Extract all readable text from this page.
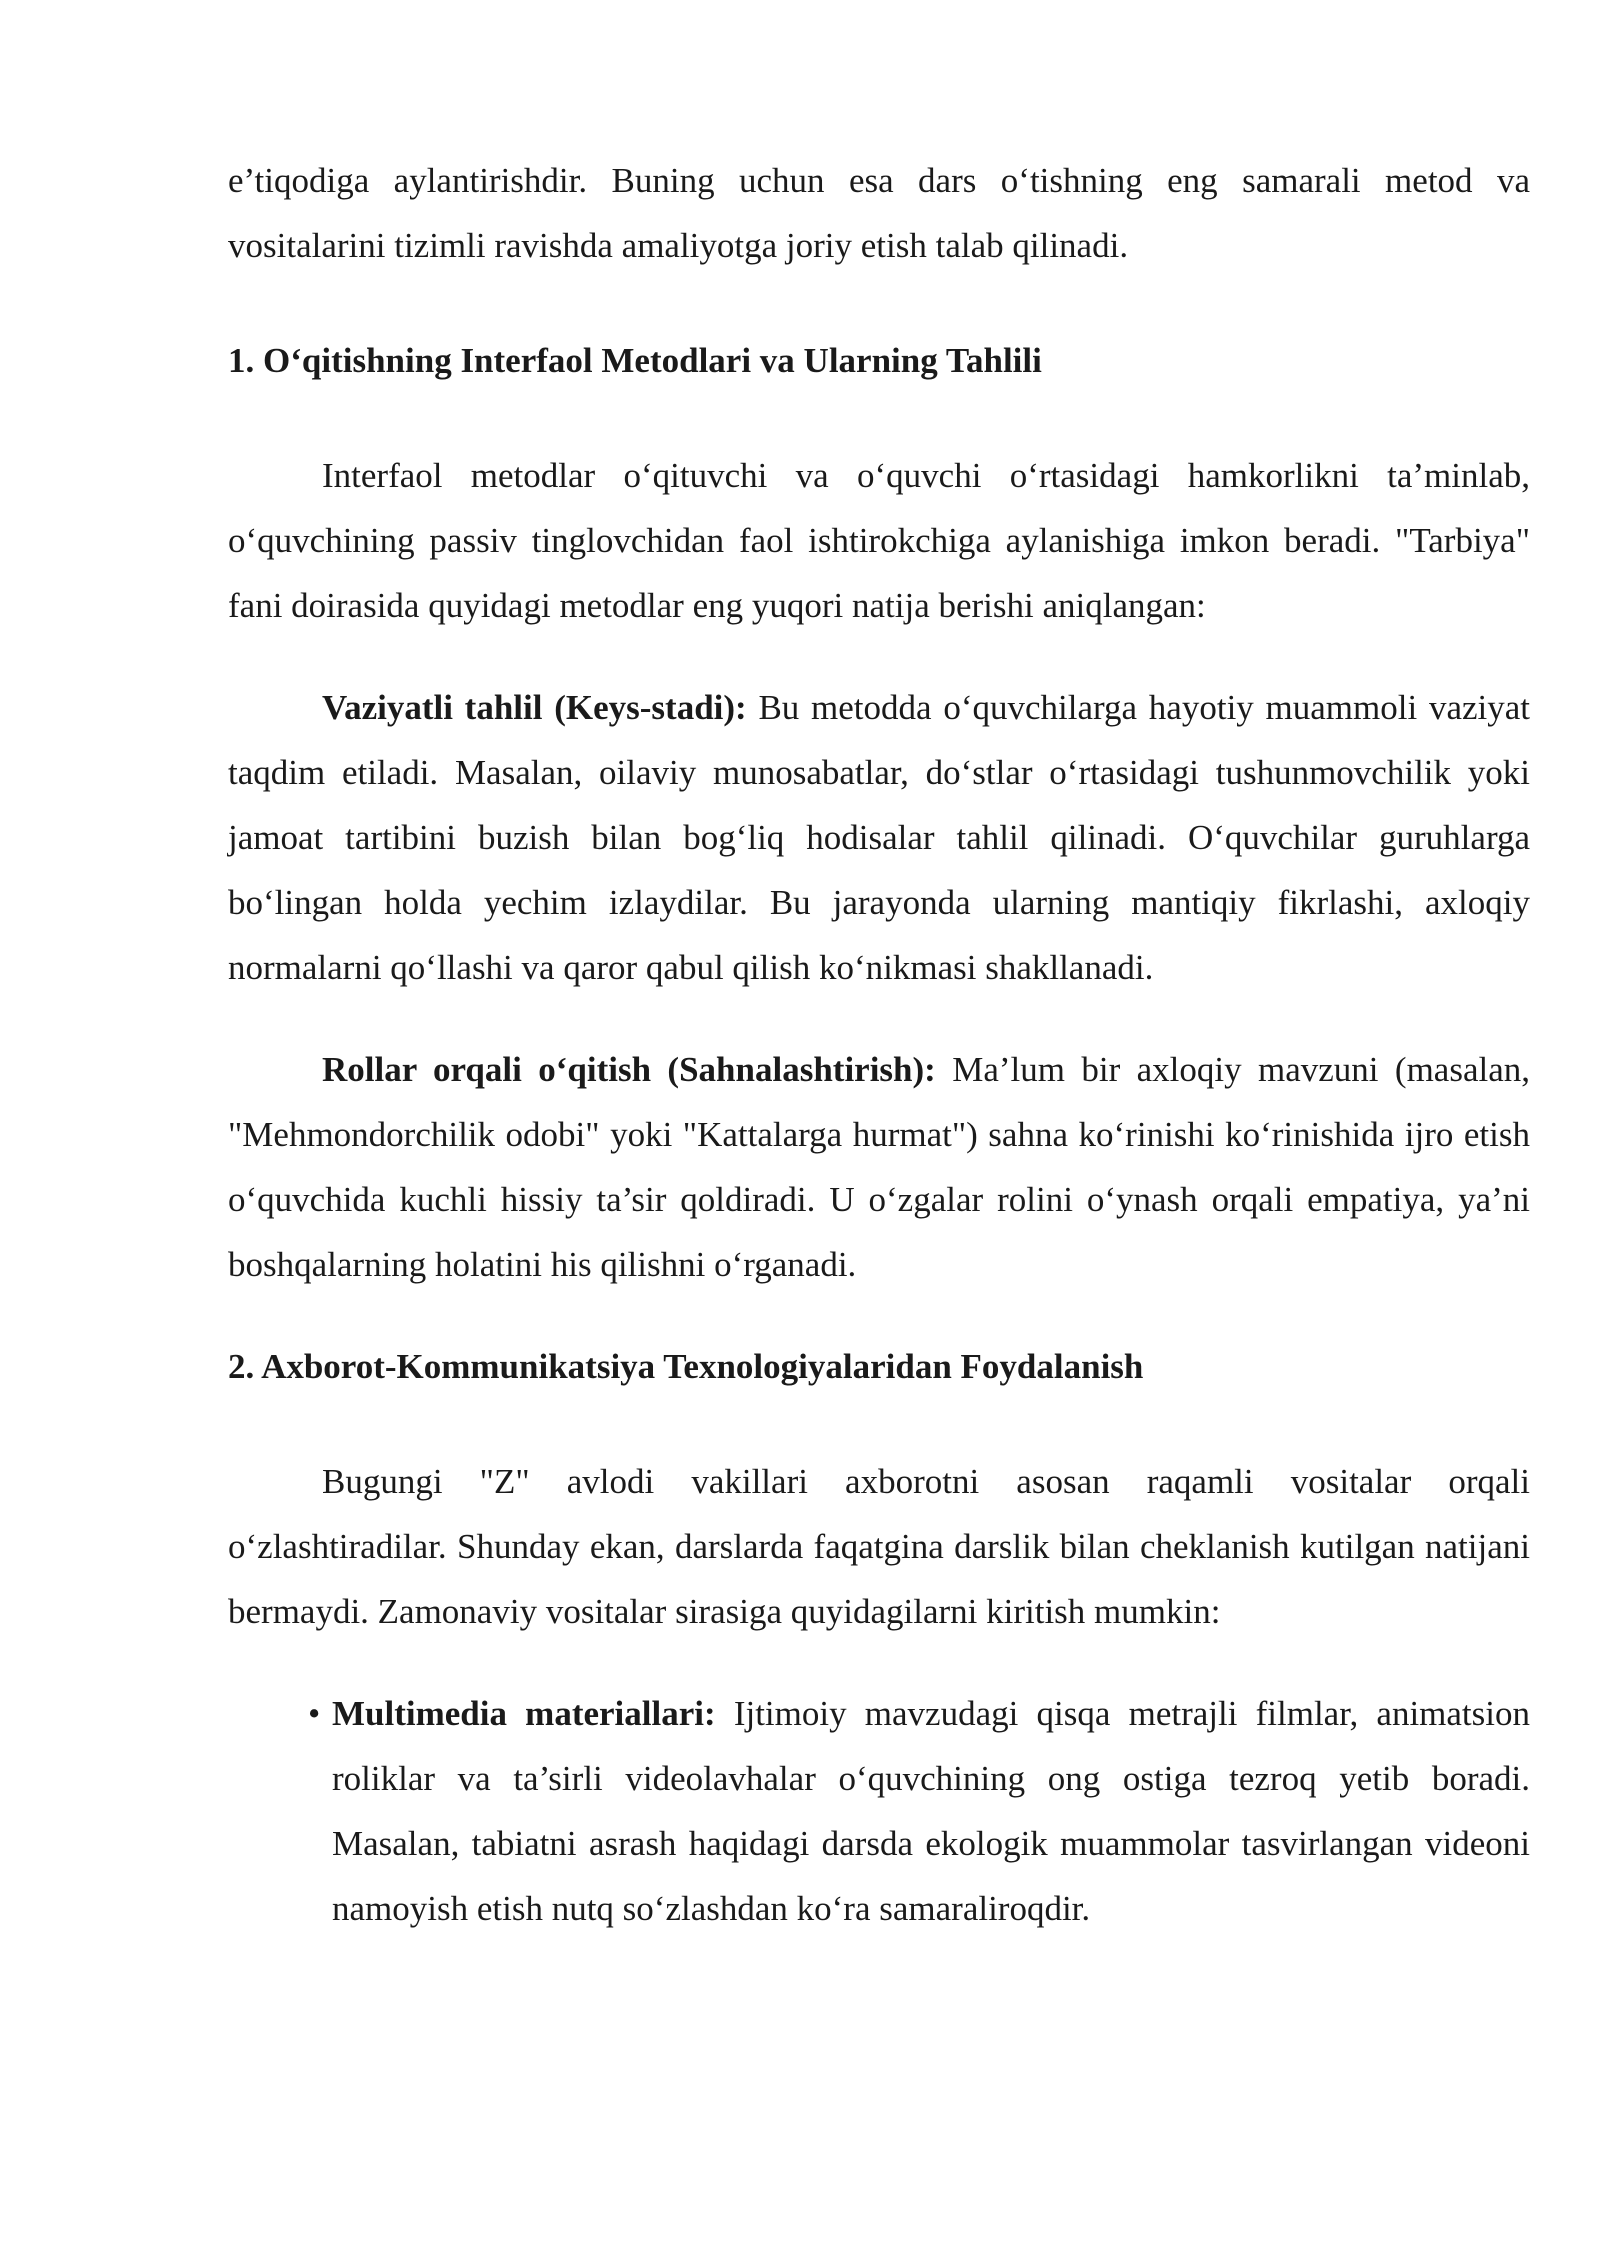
e’tiqodiga aylantirishdir. Buning uchun esa dars o‘tishning eng samarali metod va vositalarini tizimli ravishda amaliyotga joriy etish talab qilinadi.

1. O‘qitishning Interfaol Metodlari va Ularning Tahlili

Interfaol metodlar o‘qituvchi va o‘quvchi o‘rtasidagi hamkorlikni ta’minlab, o‘quvchining passiv tinglovchidan faol ishtirokchiga aylanishiga imkon beradi. "Tarbiya" fani doirasida quyidagi metodlar eng yuqori natija berishi aniqlangan:

Vaziyatli tahlil (Keys-stadi): Bu metodda o‘quvchilarga hayotiy muammoli vaziyat taqdim etiladi. Masalan, oilaviy munosabatlar, do‘stlar o‘rtasidagi tushunmovchilik yoki jamoat tartibini buzish bilan bog‘liq hodisalar tahlil qilinadi. O‘quvchilar guruhlarga bo‘lingan holda yechim izlaydilar. Bu jarayonda ularning mantiqiy fikrlashi, axloqiy normalarni qo‘llashi va qaror qabul qilish ko‘nikmasi shakllanadi.

Rollar orqali o‘qitish (Sahnalashtirish): Ma’lum bir axloqiy mavzuni (masalan, "Mehmondorchilik odobi" yoki "Kattalarga hurmat") sahna ko‘rinishi ko‘rinishida ijro etish o‘quvchida kuchli hissiy ta’sir qoldiradi. U o‘zgalar rolini o‘ynash orqali empatiya, ya’ni boshqalarning holatini his qilishni o‘rganadi.

2. Axborot-Kommunikatsiya Texnologiyalaridan Foydalanish

Bugungi "Z" avlodi vakillari axborotni asosan raqamli vositalar orqali o‘zlashtiradilar. Shunday ekan, darslarda faqatgina darslik bilan cheklanish kutilgan natijani bermaydi. Zamonaviy vositalar sirasiga quyidagilarni kiritish mumkin:

• Multimedia materiallari: Ijtimoiy mavzudagi qisqa metrajli filmlar, animatsion roliklar va ta’sirli videolavhalar o‘quvchining ong ostiga tezroq yetib boradi. Masalan, tabiatni asrash haqidagi darsda ekologik muammolar tasvirlangan videoni namoyish etish nutq so‘zlashdan ko‘ra samaraliroqdir.
